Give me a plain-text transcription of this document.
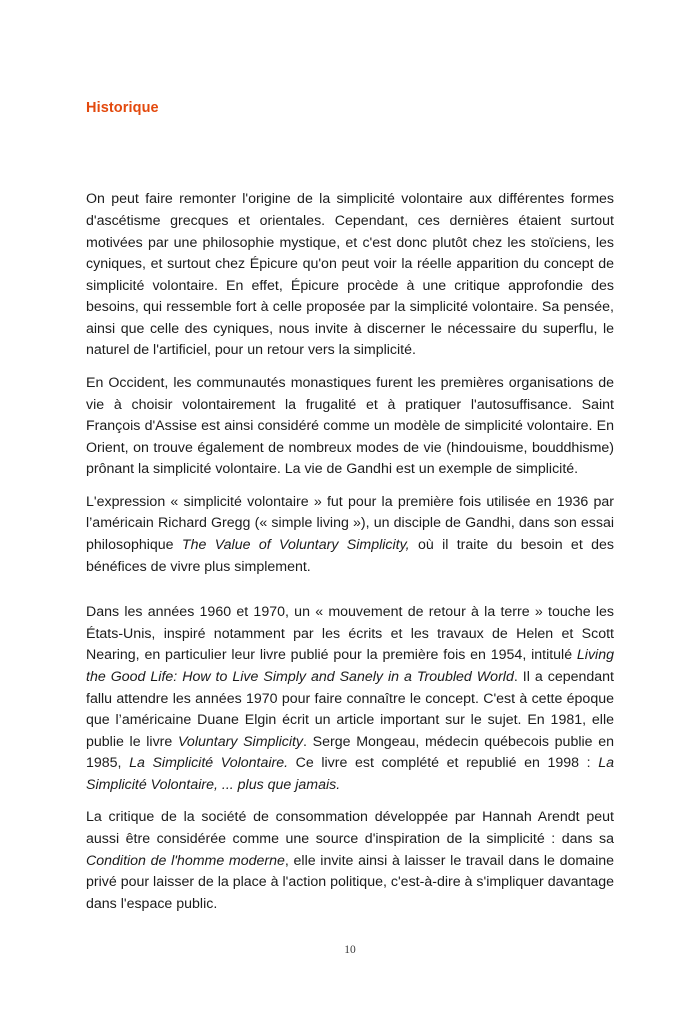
Historique

On peut faire remonter l'origine de la simplicité volontaire aux différentes formes d'ascétisme grecques et orientales. Cependant, ces dernières étaient surtout motivées par une philosophie mystique, et c'est donc plutôt chez les stoïciens, les cyniques, et surtout chez Épicure qu'on peut voir la réelle apparition du concept de simplicité volontaire. En effet, Épicure procède à une critique approfondie des besoins, qui ressemble fort à celle proposée par la simplicité volontaire. Sa pensée, ainsi que celle des cyniques, nous invite à discerner le nécessaire du superflu, le naturel de l'artificiel, pour un retour vers la simplicité.

En Occident, les communautés monastiques furent les premières organisations de vie à choisir volontairement la frugalité et à pratiquer l'autosuffisance. Saint François d'Assise est ainsi considéré comme un modèle de simplicité volontaire. En Orient, on trouve également de nombreux modes de vie (hindouisme, bouddhisme) prônant la simplicité volontaire. La vie de Gandhi est un exemple de simplicité.

L'expression « simplicité volontaire » fut pour la première fois utilisée en 1936 par l’américain Richard Gregg (« simple living »), un disciple de Gandhi, dans son essai philosophique The Value of Voluntary Simplicity, où il traite du besoin et des bénéfices de vivre plus simplement.

Dans les années 1960 et 1970, un « mouvement de retour à la terre » touche les États-Unis, inspiré notamment par les écrits et les travaux de Helen et Scott Nearing, en particulier leur livre publié pour la première fois en 1954, intitulé Living the Good Life: How to Live Simply and Sanely in a Troubled World. Il a cependant fallu attendre les années 1970 pour faire connaître le concept. C'est à cette époque que l’américaine Duane Elgin écrit un article important sur le sujet. En 1981, elle publie le livre Voluntary Simplicity. Serge Mongeau, médecin québecois publie en 1985, La Simplicité Volontaire. Ce livre est complété et republié en 1998 : La Simplicité Volontaire, ... plus que jamais.

La critique de la société de consommation développée par Hannah Arendt peut aussi être considérée comme une source d'inspiration de la simplicité : dans sa Condition de l'homme moderne, elle invite ainsi à laisser le travail dans le domaine privé pour laisser de la place à l'action politique, c'est-à-dire à s'impliquer davantage dans l'espace public.

10
